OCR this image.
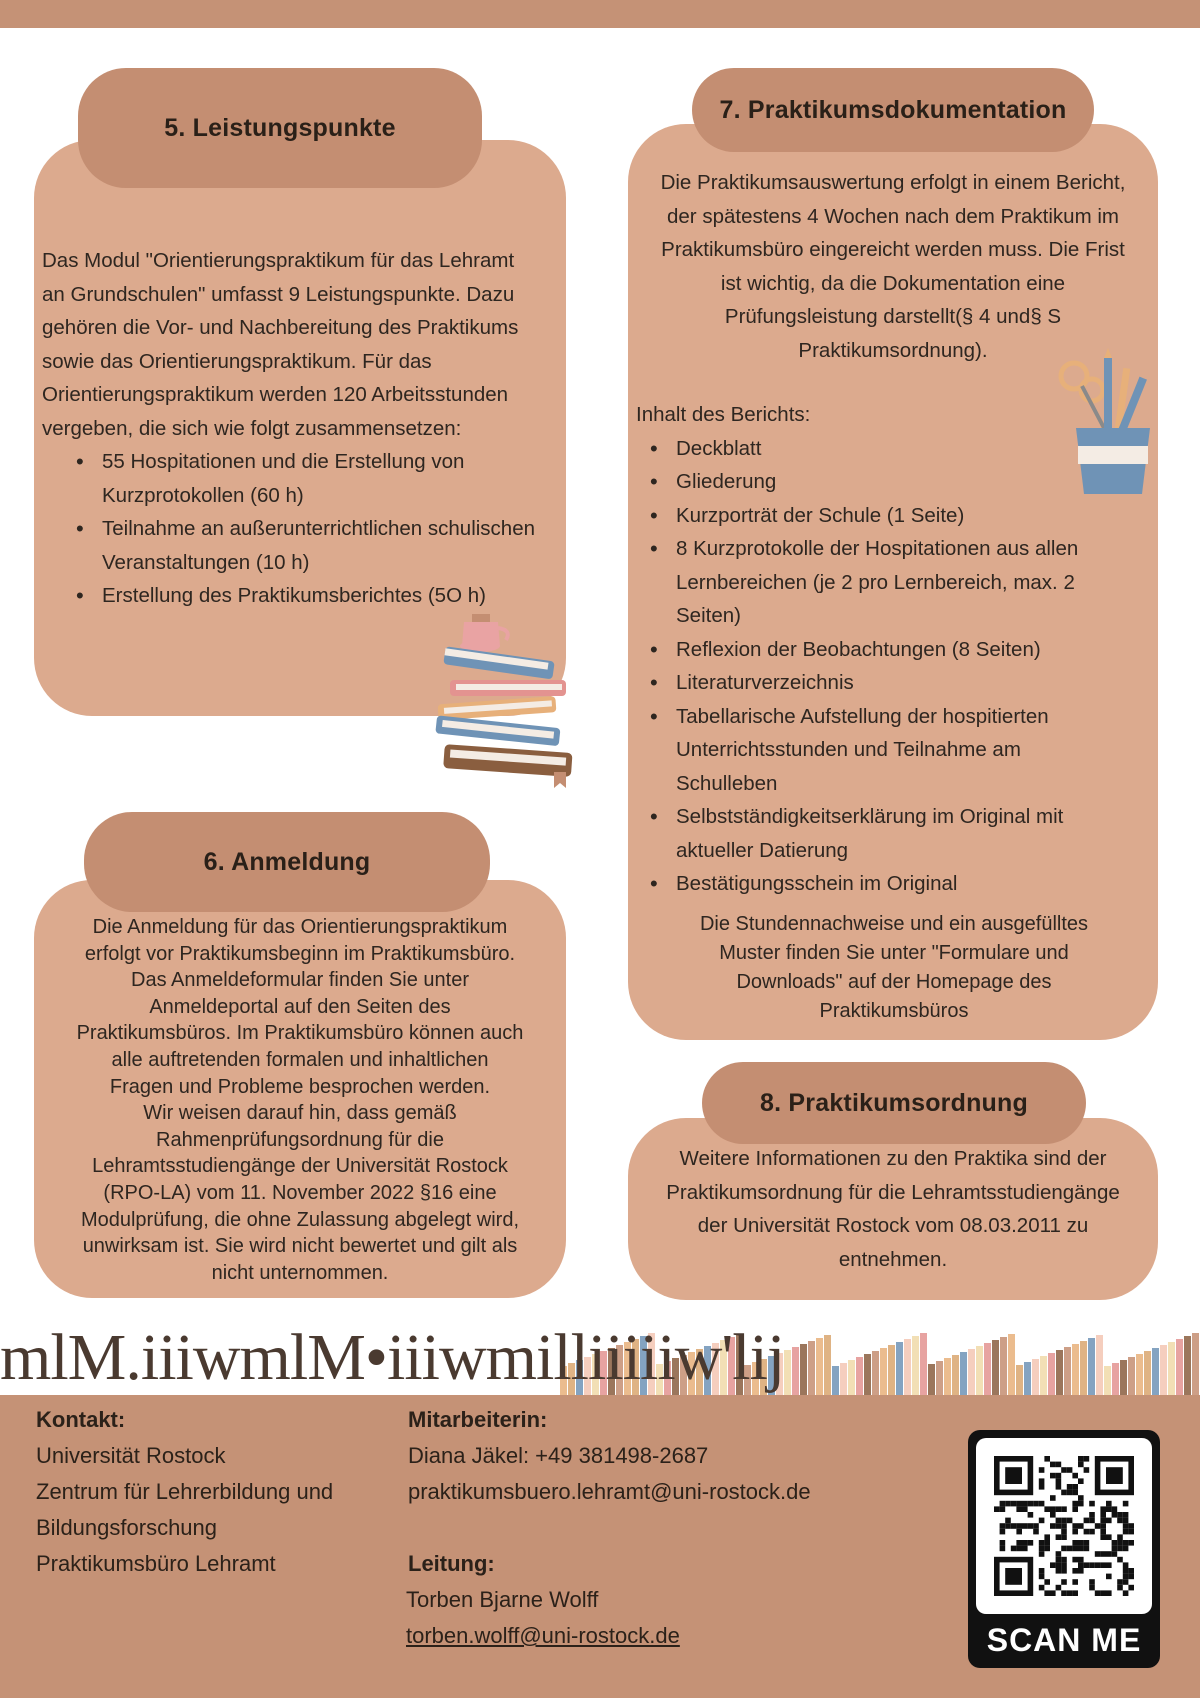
5. Leistungspunkte
Das Modul "Orientierungspraktikum für das Lehramt
an Grundschulen" umfasst 9 Leistungspunkte. Dazu
gehören die Vor- und Nachbereitung des Praktikums
sowie das Orientierungspraktikum. Für das
Orientierungspraktikum werden 120 Arbeitsstunden
vergeben, die sich wie folgt zusammensetzen:
• 55 Hospitationen und die Erstellung von Kurzprotokollen (60 h)
• Teilnahme an außerunterrichtlichen schulischen Veranstaltungen (10 h)
• Erstellung des Praktikumsberichtes (5O h)
6. Anmeldung
Die Anmeldung für das Orientierungspraktikum
erfolgt vor Praktikumsbeginn im Praktikumsbüro.
Das Anmeldeformular finden Sie unter
Anmeldeportal auf den Seiten des
Praktikumsbüros. Im Praktikumsbüro können auch
alle auftretenden formalen und inhaltlichen
Fragen und Probleme besprochen werden.
Wir weisen darauf hin, dass gemäß
Rahmenprüfungsordnung für die
Lehramtsstudiengänge der Universität Rostock
(RPO-LA) vom 11. November 2022 §16 eine
Modulprüfung, die ohne Zulassung abgelegt wird,
unwirksam ist. Sie wird nicht bewertet und gilt als
nicht unternommen.
7. Praktikumsdokumentation
Die Praktikumsauswertung erfolgt in einem Bericht,
der spätestens 4 Wochen nach dem Praktikum im
Praktikumsbüro eingereicht werden muss. Die Frist
ist wichtig, da die Dokumentation eine
Prüfungsleistung darstellt(§ 4 und§ S
Praktikumsordnung).
Inhalt des Berichts:
• Deckblatt
• Gliederung
• Kurzporträt der Schule (1 Seite)
• 8 Kurzprotokolle der Hospitationen aus allen Lernbereichen (je 2 pro Lernbereich, max. 2 Seiten)
• Reflexion der Beobachtungen (8 Seiten)
• Literaturverzeichnis
• Tabellarische Aufstellung der hospitierten Unterrichtsstunden und Teilnahme am Schulleben
• Selbstständigkeitserklärung im Original mit aktueller Datierung
• Bestätigungsschein im Original
Die Stundennachweise und ein ausgefülltes
Muster finden Sie unter "Formulare und
Downloads" auf der Homepage des
Praktikumsbüros
8. Praktikumsordnung
Weitere Informationen zu den Praktika sind der
Praktikumsordnung für die Lehramtsstudiengänge
der Universität Rostock vom 08.03.2011 zu
entnehmen.
mlM.iiiwmlM•iiiwmilliiiiiw'lij
Kontakt:
Universität Rostock
Zentrum für Lehrerbildung und
Bildungsforschung
Praktikumsbüro Lehramt
Mitarbeiterin:
Diana Jäkel: +49 381498-2687
praktikumsbuero.lehramt@uni-rostock.de
Leitung:
Torben Bjarne Wolff
torben.wolff@uni-rostock.de	SCAN ME
